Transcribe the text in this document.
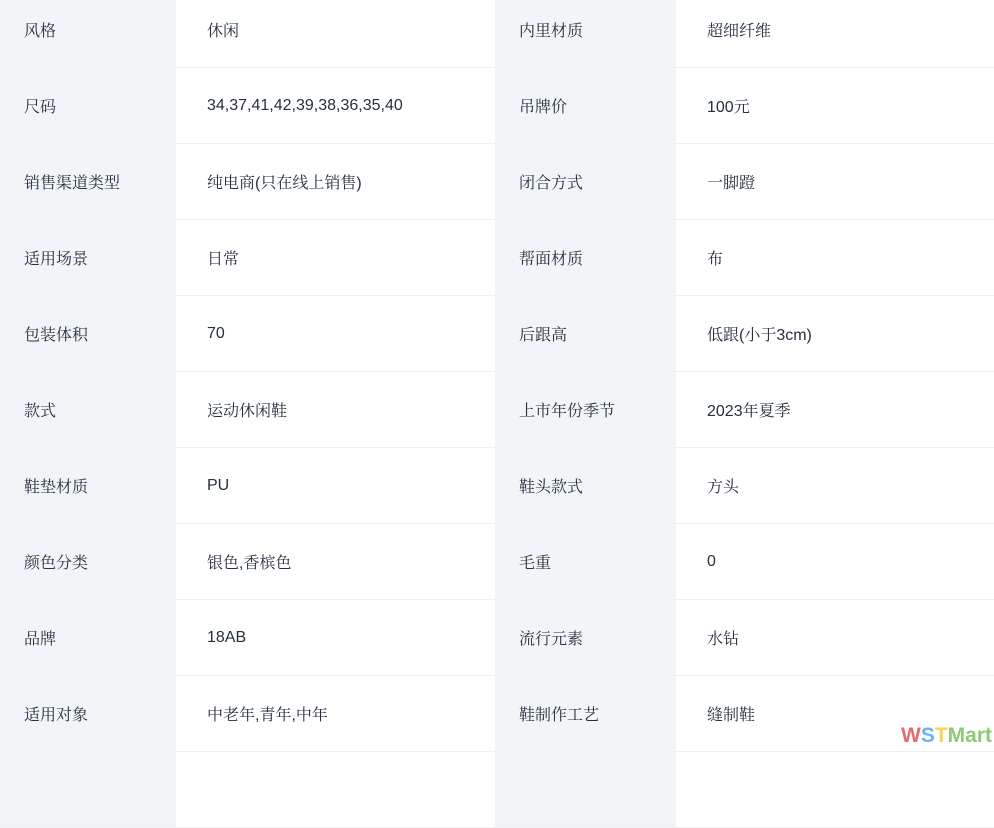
风格	休闲	内里材质	超细纤维
尺码	34,37,41,42,39,38,36,35,40	吊牌价	100元
销售渠道类型	纯电商(只在线上销售)	闭合方式	一脚蹬
适用场景	日常	帮面材质	布
包装体积	70	后跟高	低跟(小于3cm)
款式	运动休闲鞋	上市年份季节	2023年夏季
鞋垫材质	PU	鞋头款式	方头
颜色分类	银色,香槟色	毛重	0
品牌	18AB	流行元素	水钻
适用对象	中老年,青年,中年	鞋制作工艺	缝制鞋
WSTMart
